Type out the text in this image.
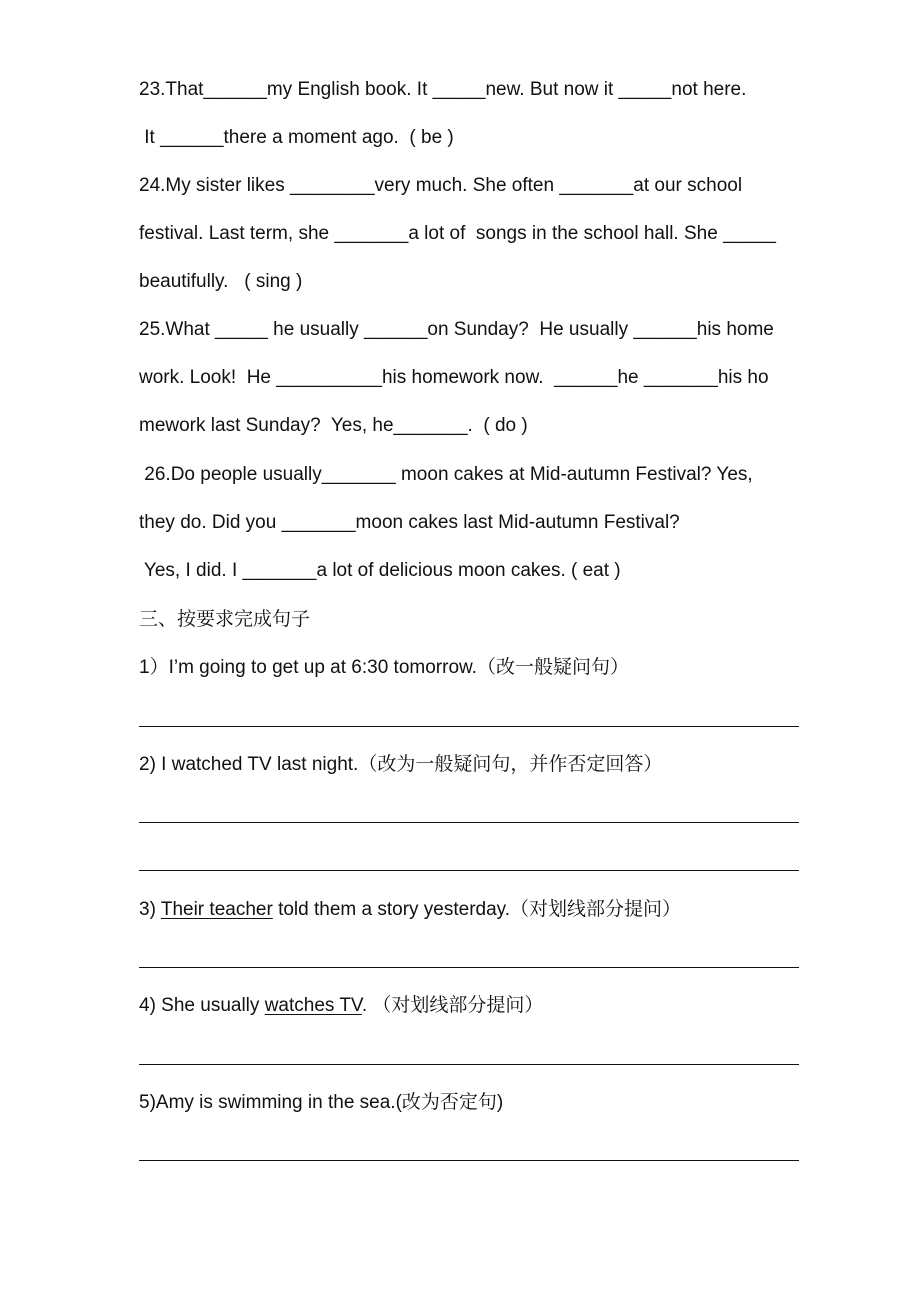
23.That______my English book. It _____new. But now it _____not here.
It ______there a moment ago.  ( be )
24.My sister likes ________very much. She often _______at our school
festival. Last term, she _______a lot of  songs in the school hall. She _____
beautifully.   ( sing )
25.What _____ he usually ______on Sunday?  He usually ______his home
work. Look!  He __________his homework now.  ______he _______his ho
mework last Sunday?  Yes, he_______.  ( do )
26.Do people usually_______ moon cakes at Mid-autumn Festival? Yes,
they do. Did you _______moon cakes last Mid-autumn Festival?
Yes, I did. I _______a lot of delicious moon cakes. ( eat )
三、按要求完成句子
1）I’m going to get up at 6:30 tomorrow.（改一般疑问句）
2) I watched TV last night.（改为一般疑问句，并作否定回答）
3) Their teacher told them a story yesterday.（对划线部分提问）
4) She usually watches TV. （对划线部分提问）
5)Amy is swimming in the sea.(改为否定句)
